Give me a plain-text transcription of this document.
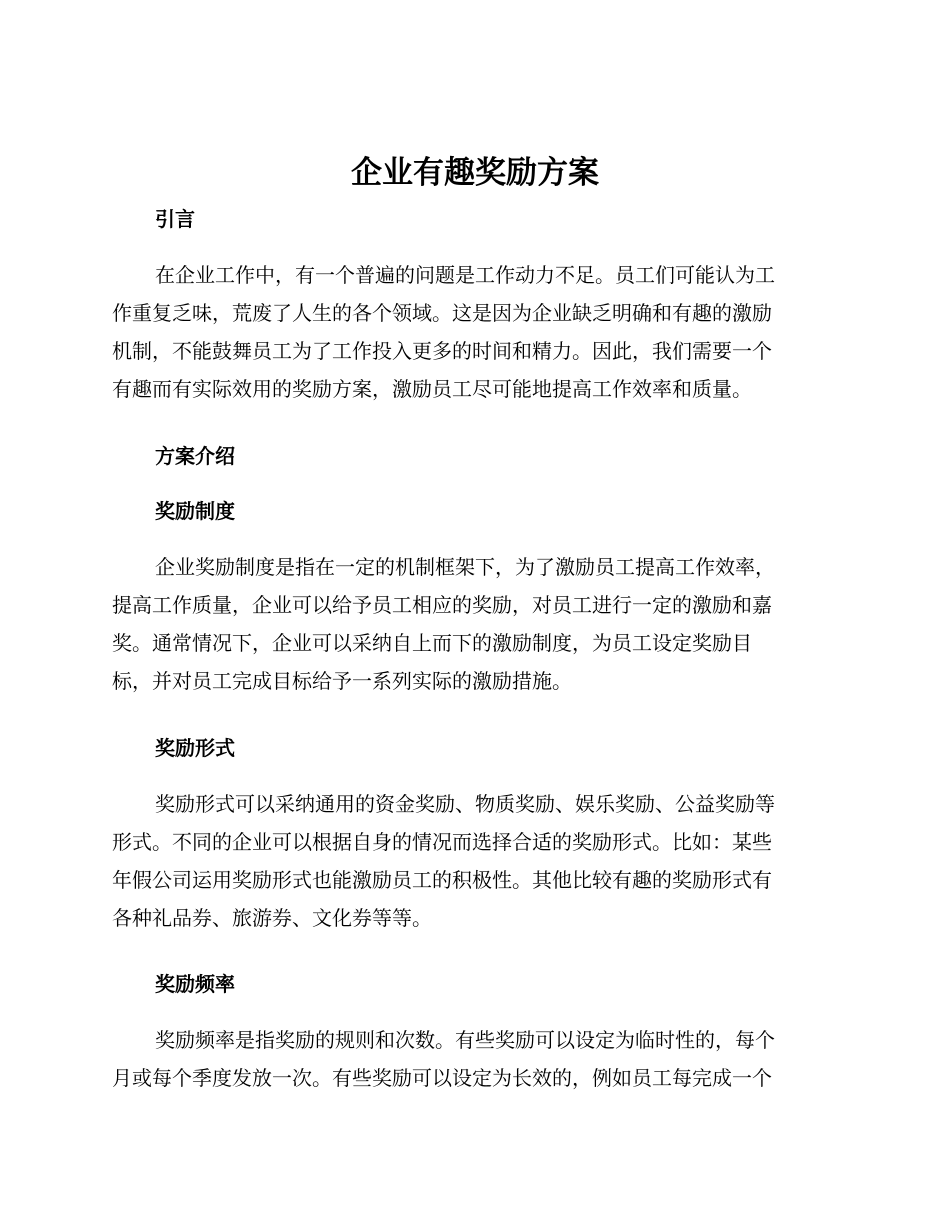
企业有趣奖励方案
引言
在企业工作中，有一个普遍的问题是工作动力不足。员工们可能认为工
作重复乏味，荒废了人生的各个领域。这是因为企业缺乏明确和有趣的激励
机制，不能鼓舞员工为了工作投入更多的时间和精力。因此，我们需要一个
有趣而有实际效用的奖励方案，激励员工尽可能地提高工作效率和质量。
方案介绍
奖励制度
企业奖励制度是指在一定的机制框架下，为了激励员工提高工作效率，
提高工作质量，企业可以给予员工相应的奖励，对员工进行一定的激励和嘉
奖。通常情况下，企业可以采纳自上而下的激励制度，为员工设定奖励目
标，并对员工完成目标给予一系列实际的激励措施。
奖励形式
奖励形式可以采纳通用的资金奖励、物质奖励、娱乐奖励、公益奖励等
形式。不同的企业可以根据自身的情况而选择合适的奖励形式。比如：某些
年假公司运用奖励形式也能激励员工的积极性。其他比较有趣的奖励形式有
各种礼品券、旅游券、文化券等等。
奖励频率
奖励频率是指奖励的规则和次数。有些奖励可以设定为临时性的，每个
月或每个季度发放一次。有些奖励可以设定为长效的，例如员工每完成一个
